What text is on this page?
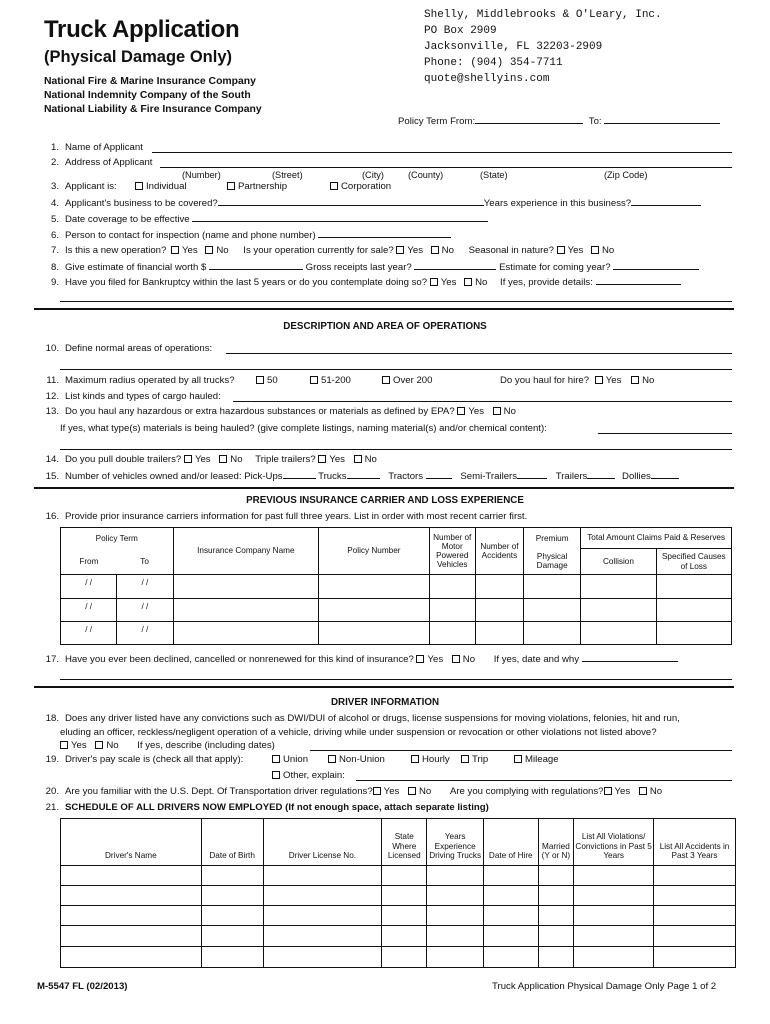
Truck Application
(Physical Damage Only)
National Fire & Marine Insurance Company
National Indemnity Company of the South
National Liability & Fire Insurance Company
Shelly, Middlebrooks & O'Leary, Inc.
PO Box 2909
Jacksonville, FL 32203-2909
Phone: (904) 354-7711
quote@shellyins.com
Policy Term From:	To:
1. Name of Applicant
2. Address of Applicant
(Number)	(Street)	(City)	(County)	(State)	(Zip Code)
3. Applicant is:	Individual	Partnership	Corporation
4. Applicant's business to be covered?	Years experience in this business?
5. Date coverage to be effective
6. Person to contact for inspection (name and phone number)
7. Is this a new operation? Yes No Is your operation currently for sale? Yes No Seasonal in nature? Yes No
8. Give estimate of financial worth $	Gross receipts last year?	Estimate for coming year?
9. Have you filed for Bankruptcy within the last 5 years or do you contemplate doing so? Yes No If yes, provide details:
DESCRIPTION AND AREA OF OPERATIONS
10. Define normal areas of operations:
11. Maximum radius operated by all trucks?	50	51-200	Over 200	Do you haul for hire? Yes No
12. List kinds and types of cargo hauled:
13. Do you haul any hazardous or extra hazardous substances or materials as defined by EPA? Yes No
If yes, what type(s) materials is being hauled? (give complete listings, naming material(s) and/or chemical content):
14. Do you pull double trailers? Yes No Triple trailers? Yes No
15. Number of vehicles owned and/or leased: Pick-Ups	Trucks	Tractors	Semi-Trailers	Trailers	Dollies
PREVIOUS INSURANCE CARRIER AND LOSS EXPERIENCE
16. Provide prior insurance carriers information for past full three years. List in order with most recent carrier first.
Policy Term		Insurance Company Name	Policy Number	Number of Motor Powered Vehicles	Number of Accidents	Premium	Total Amount Claims Paid & Reserves	
From	To					Physical Damage	Collision	Specified Causes of Loss
/ /	/ /							
/ /	/ /							
/ /	/ /							
17. Have you ever been declined, cancelled or nonrenewed for this kind of insurance? Yes No If yes, date and why
DRIVER INFORMATION
18. Does any driver listed have any convictions such as DWI/DUI of alcohol or drugs, license suspensions for moving violations, felonies, hit and run,
eluding an officer, reckless/negligent operation of a vehicle, driving while under suspension or revocation or other violations not listed above?
Yes No If yes, describe (including dates)
19. Driver's pay scale is (check all that apply):	Union	Non-Union	Hourly	Trip	Mileage
Other, explain:
20. Are you familiar with the U.S. Dept. Of Transportation driver regulations? Yes No Are you complying with regulations? Yes No
21. SCHEDULE OF ALL DRIVERS NOW EMPLOYED (If not enough space, attach separate listing)
Driver's Name	Date of Birth	Driver License No.	State Where Licensed	Years Experience Driving Trucks	Date of Hire	Married (Y or N)	List All Violations/ Convictions in Past 5 Years	List All Accidents in Past 3 Years

M-5547 FL (02/2013)	Truck Application Physical Damage Only Page 1 of 2
